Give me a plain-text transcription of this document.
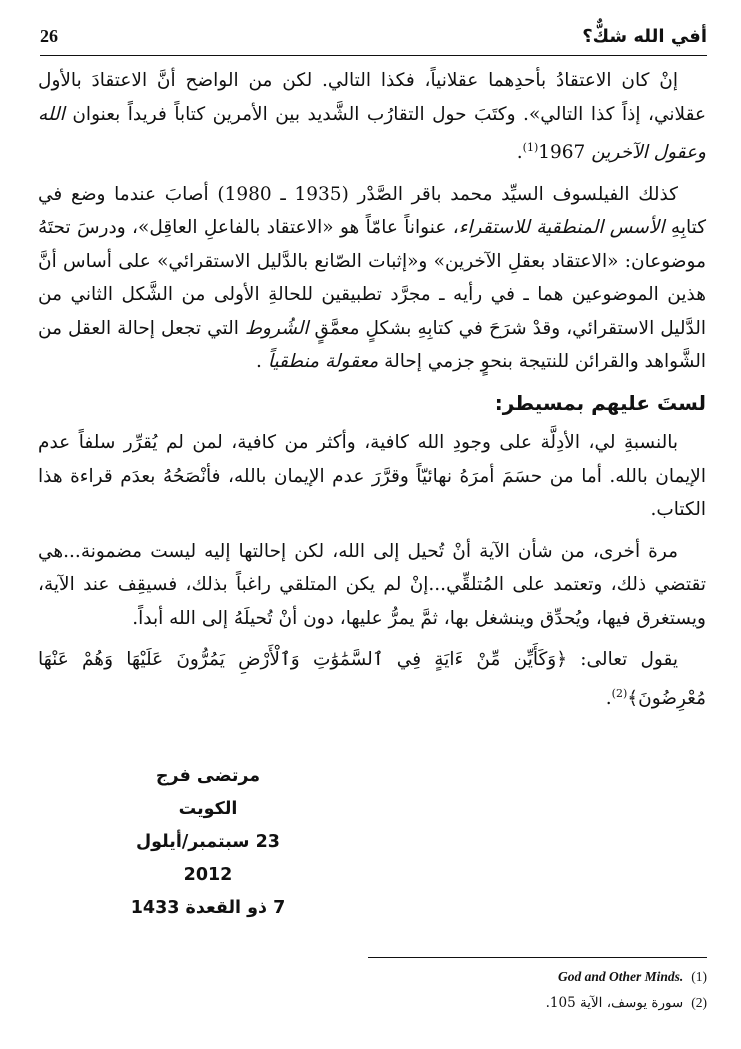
أفي الله شكٌّ؟
26

إنْ كان الاعتقادُ بأحدِهما عقلانياً، فكذا التالي. لكن من الواضح أنَّ الاعتقادَ بالأول عقلاني، إذاً كذا التالي». وكتَبَ حول التقارُب الشَّديد بين الأمرين كتاباً فريداً بعنوان الله وعقول الآخرين 1967$^{(1)}$.

كذلك الفيلسوف السيِّد محمد باقر الصَّدْر (1935 ـ 1980) أصابَ عندما وضع في كتابِهِ الأسس المنطقية للاستقراء، عنواناً عامّاً هو «الاعتقاد بالفاعلِ العاقِل»، ودرسَ تحتَهُ موضوعان: «الاعتقاد بعقلِ الآخرين» و«إثبات الصّانع بالدَّليل الاستقرائي» على أساس أنَّ هذين الموضوعين هما ـ في رأيه ـ مجرَّد تطبيقين للحالةِ الأولى من الشَّكل الثاني من الدَّليل الاستقرائي، وقدْ شرَحَ في كتابِهِ بشكلٍ معمَّقٍ الشُروط التي تجعل إحالة العقل من الشَّواهد والقرائن للنتيجة بنحوٍ جزمي إحالة معقولة منطقياً .

لستَ عليهم بمسيطر:

بالنسبةِ لي، الأدِلَّة على وجودِ الله كافية، وأكثر من كافية، لمن لم يُقرِّر سلفاً عدم الإيمان بالله. أما من حسَمَ أمرَهُ نهائيّاً وقرَّرَ عدم الإيمان بالله، فأنْصَحُهُ بعدَم قراءة هذا الكتاب.

مرة أخرى، من شأن الآية أنْ تُحيل إلى الله، لكن إحالتها إليه ليست مضمونة...هي تقتضي ذلك، وتعتمد على المُتلقِّي...إنْ لم يكن المتلقي راغباً بذلك، فسيقِف عند الآية، ويستغرق فيها، ويُحدِّق وينشغل بها، ثمَّ يمرُّ عليها، دون أنْ تُحيلَهُ إلى الله أبداً.

يقول تعالى: ﴿وَكَأَيِّن مِّنْ ءَايَةٍ فِي ٱلسَّمَٰوَٰتِ وَٱلْأَرْضِ يَمُرُّونَ عَلَيْهَا وَهُمْ عَنْهَا مُعْرِضُونَ﴾$^{(2)}$.

مرتضى فرج
الكويت
23 سبتمبر/أيلول 2012
7 ذو القعدة 1433
(1)
God and Other Minds.
(2)
سورة يوسف، الآية 105.
